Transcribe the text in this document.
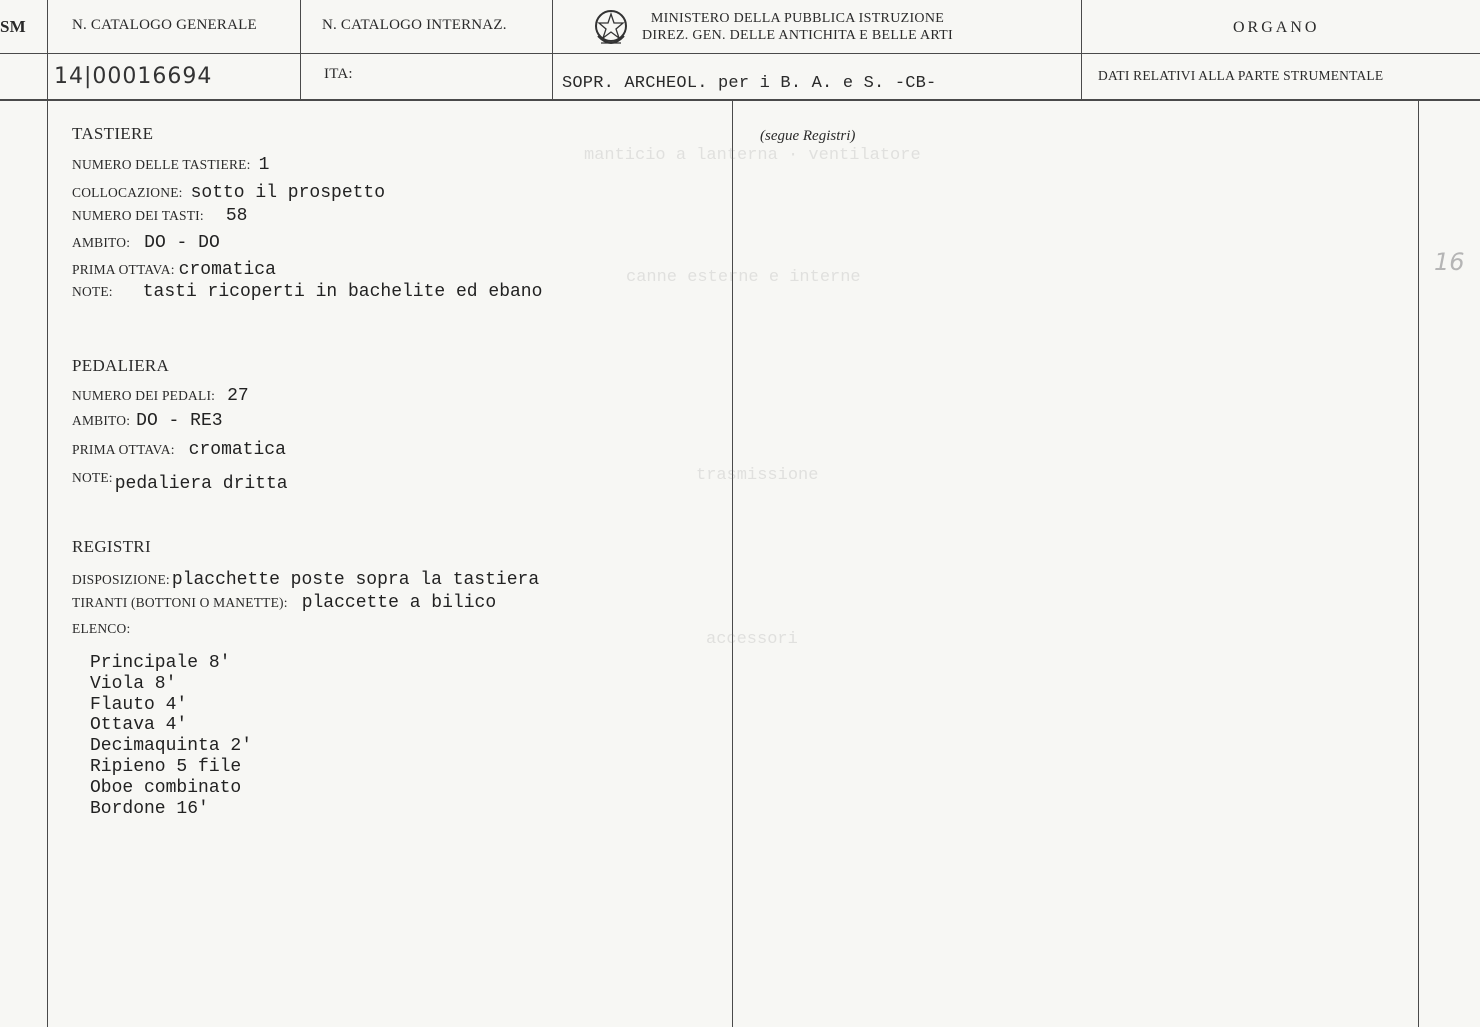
SM	N. CATALOGO GENERALE	N. CATALOGO INTERNAZ.	MINISTERO DELLA PUBBLICA ISTRUZIONE
DIREZ. GEN. DELLE ANTICHITA E BELLE ARTI	ORGANO
14|00016694	ITA:	SOPR. ARCHEOL. per i B. A. e S. -CB-	DATI RELATIVI ALLA PARTE STRUMENTALE
manticio a lanterna · ventilatore
canne esterne e interne
trasmissione
accessori
TASTIERE
NUMERO DELLE TASTIERE: 1
COLLOCAZIONE: sotto il prospetto
NUMERO DEI TASTI: 58
AMBITO: DO - DO
PRIMA OTTAVA: cromatica
NOTE: tasti ricoperti in bachelite ed ebano
PEDALIERA
NUMERO DEI PEDALI: 27
AMBITO: DO - RE3
PRIMA OTTAVA: cromatica
NOTE: pedaliera dritta
REGISTRI
DISPOSIZIONE: placchette poste sopra la tastiera
TIRANTI (BOTTONI O MANETTE): placcette a bilico
ELENCO:
Principale 8'
Viola 8'
Flauto 4'
Ottava 4'
Decimaquinta 2'
Ripieno 5 file
Oboe combinato
Bordone 16'
(segue Registri)
16
